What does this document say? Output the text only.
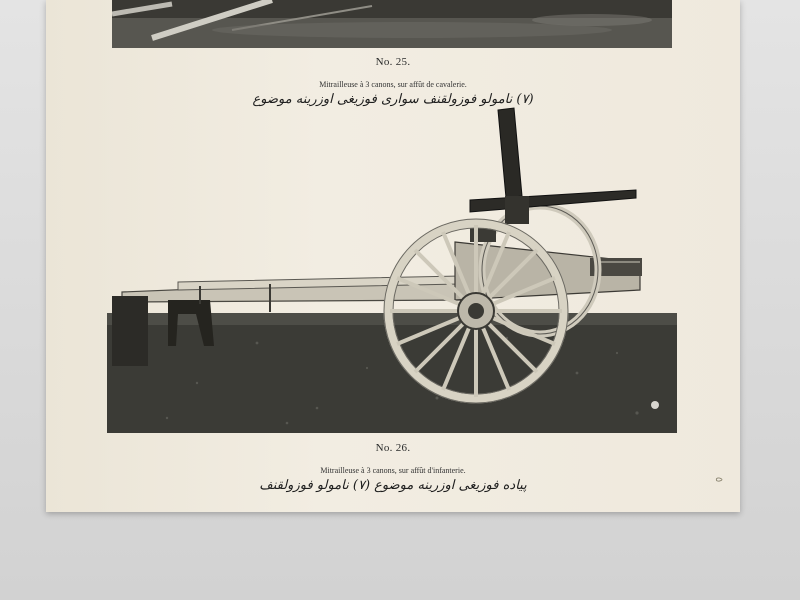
No. 25.
Mitrailleuse à 3 canons, sur affût de cavalerie.
(٧) نامولو فوزولقنف سواری فوزیغی اوزرینه موضوع
No. 26.
Mitrailleuse à 3 canons, sur affût d'infanterie.
پیاده فوزیغی اوزرینه موضوع (٧) نامولو فوزولقنف	٥
